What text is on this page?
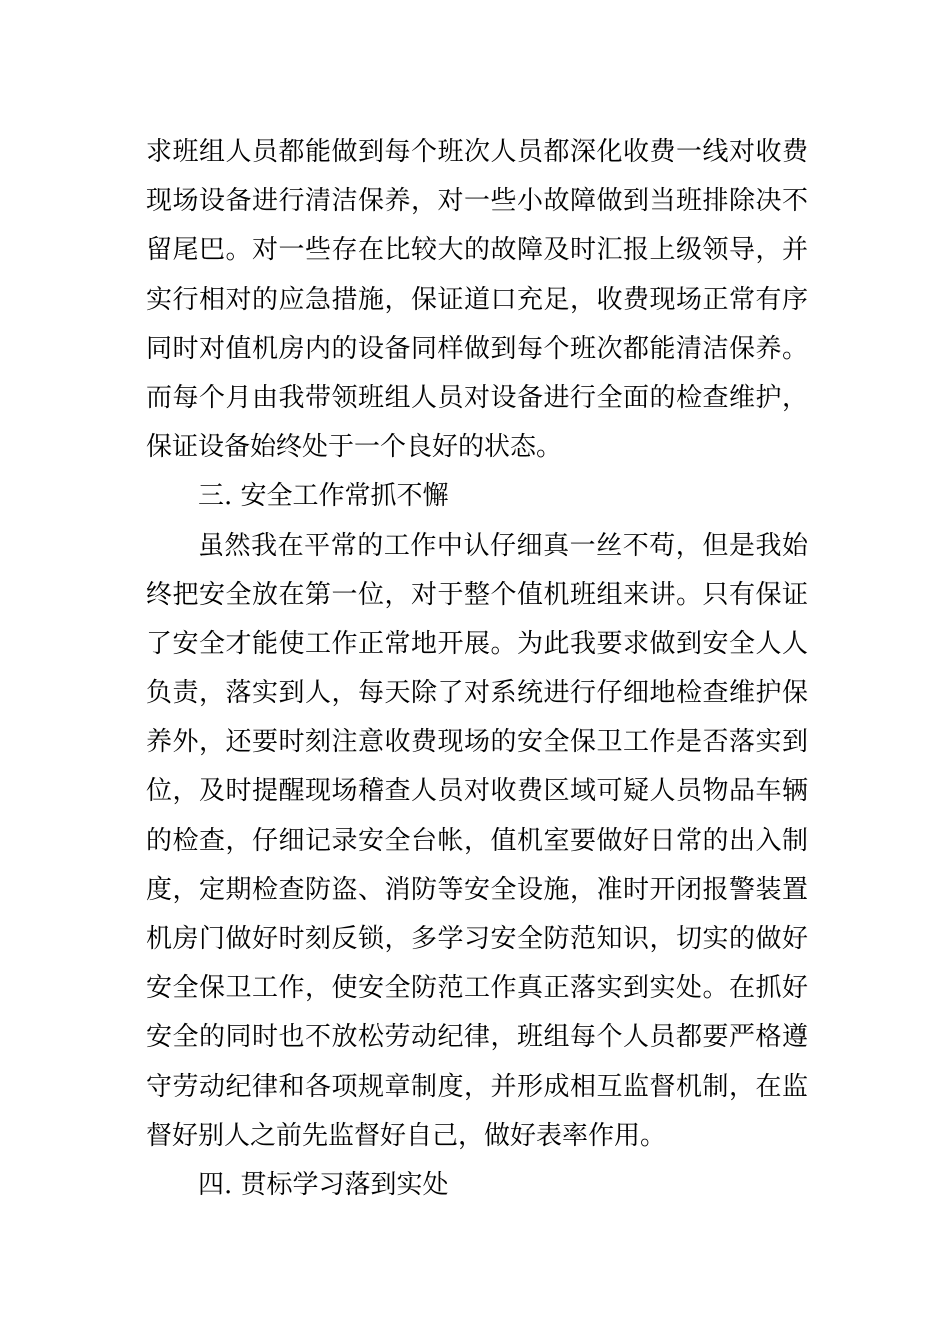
求班组人员都能做到每个班次人员都深化收费一线对收费
现场设备进行清洁保养，对一些小故障做到当班排除决不
留尾巴。对一些存在比较大的故障及时汇报上级领导，并
实行相对的应急措施，保证道口充足，收费现场正常有序
同时对值机房内的设备同样做到每个班次都能清洁保养。
而每个月由我带领班组人员对设备进行全面的检查维护，
保证设备始终处于一个良好的状态。
三. 安全工作常抓不懈
虽然我在平常的工作中认仔细真一丝不苟，但是我始
终把安全放在第一位，对于整个值机班组来讲。只有保证
了安全才能使工作正常地开展。为此我要求做到安全人人
负责，落实到人，每天除了对系统进行仔细地检查维护保
养外，还要时刻注意收费现场的安全保卫工作是否落实到
位，及时提醒现场稽查人员对收费区域可疑人员物品车辆
的检查，仔细记录安全台帐，值机室要做好日常的出入制
度，定期检查防盗、消防等安全设施，准时开闭报警装置
机房门做好时刻反锁，多学习安全防范知识，切实的做好
安全保卫工作，使安全防范工作真正落实到实处。在抓好
安全的同时也不放松劳动纪律，班组每个人员都要严格遵
守劳动纪律和各项规章制度，并形成相互监督机制，在监
督好别人之前先监督好自己，做好表率作用。
四. 贯标学习落到实处
